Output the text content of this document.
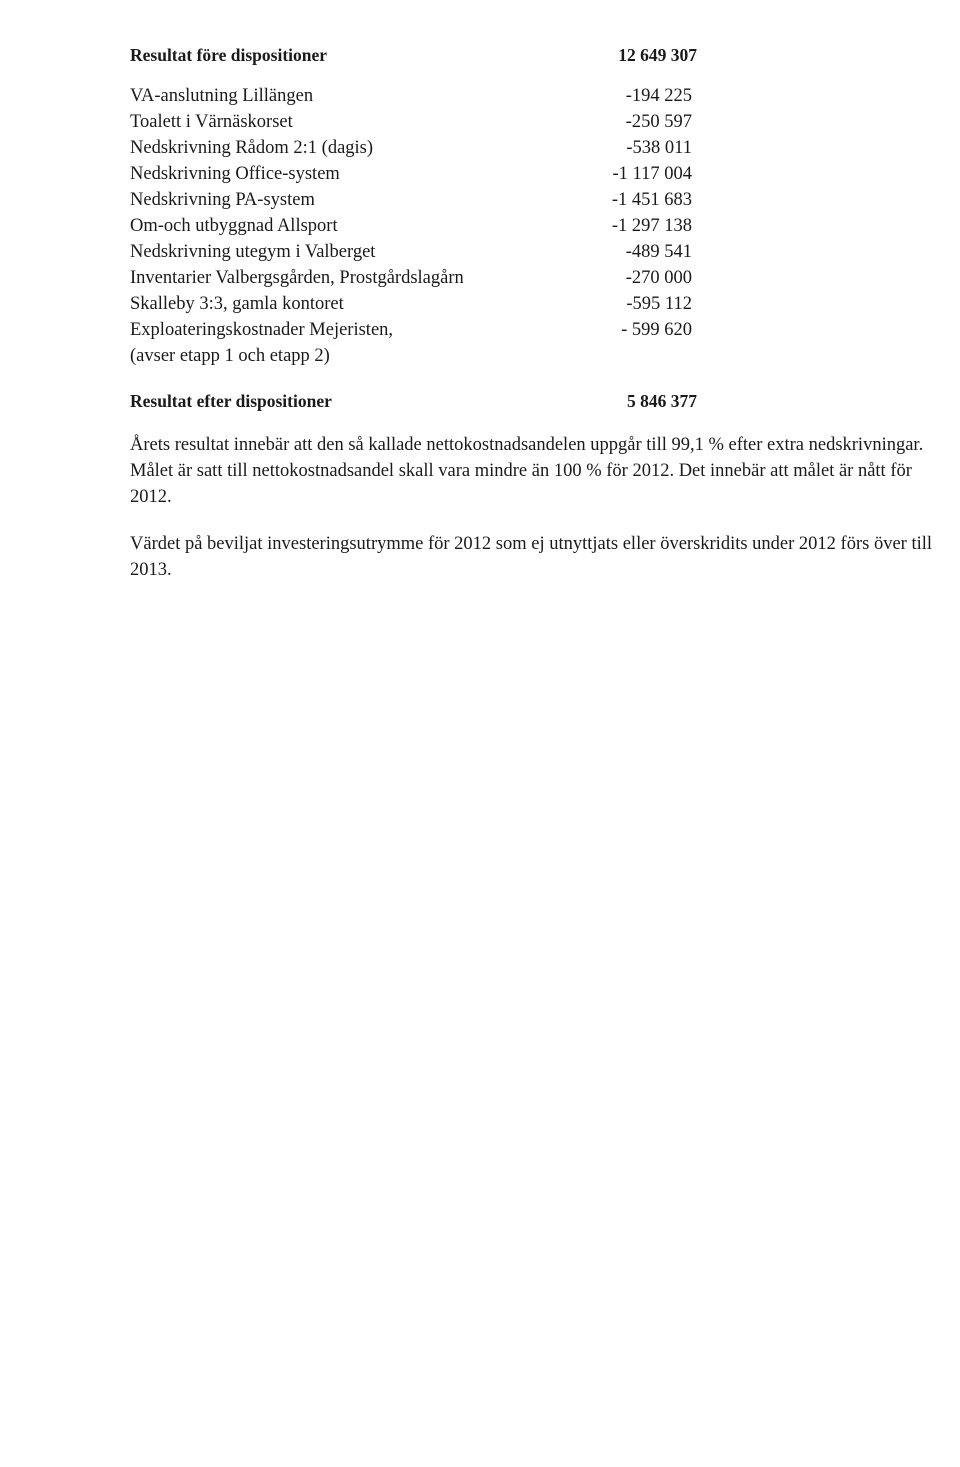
Resultat före dispositioner	12 649 307
VA-anslutning Lillängen	-194 225
Toalett i Värnäskorset	-250 597
Nedskrivning Rådom 2:1 (dagis)	-538 011
Nedskrivning Office-system	-1 117 004
Nedskrivning PA-system	-1 451 683
Om-och utbyggnad Allsport	-1 297 138
Nedskrivning utegym i Valberget	-489 541
Inventarier Valbergsgården, Prostgårdslagårn	-270 000
Skalleby 3:3, gamla kontoret	-595 112
Exploateringskostnader Mejeristen,	- 599 620
(avser etapp 1 och etapp 2)
Resultat efter dispositioner	5 846 377

Årets resultat innebär att den så kallade nettokostnadsandelen uppgår till 99,1 % efter extra nedskrivningar. Målet är satt till nettokostnadsandel skall vara mindre än 100 % för 2012. Det innebär att målet är nått för 2012.

Värdet på beviljat investeringsutrymme för 2012 som ej utnyttjats eller överskridits under 2012 förs över till 2013.
